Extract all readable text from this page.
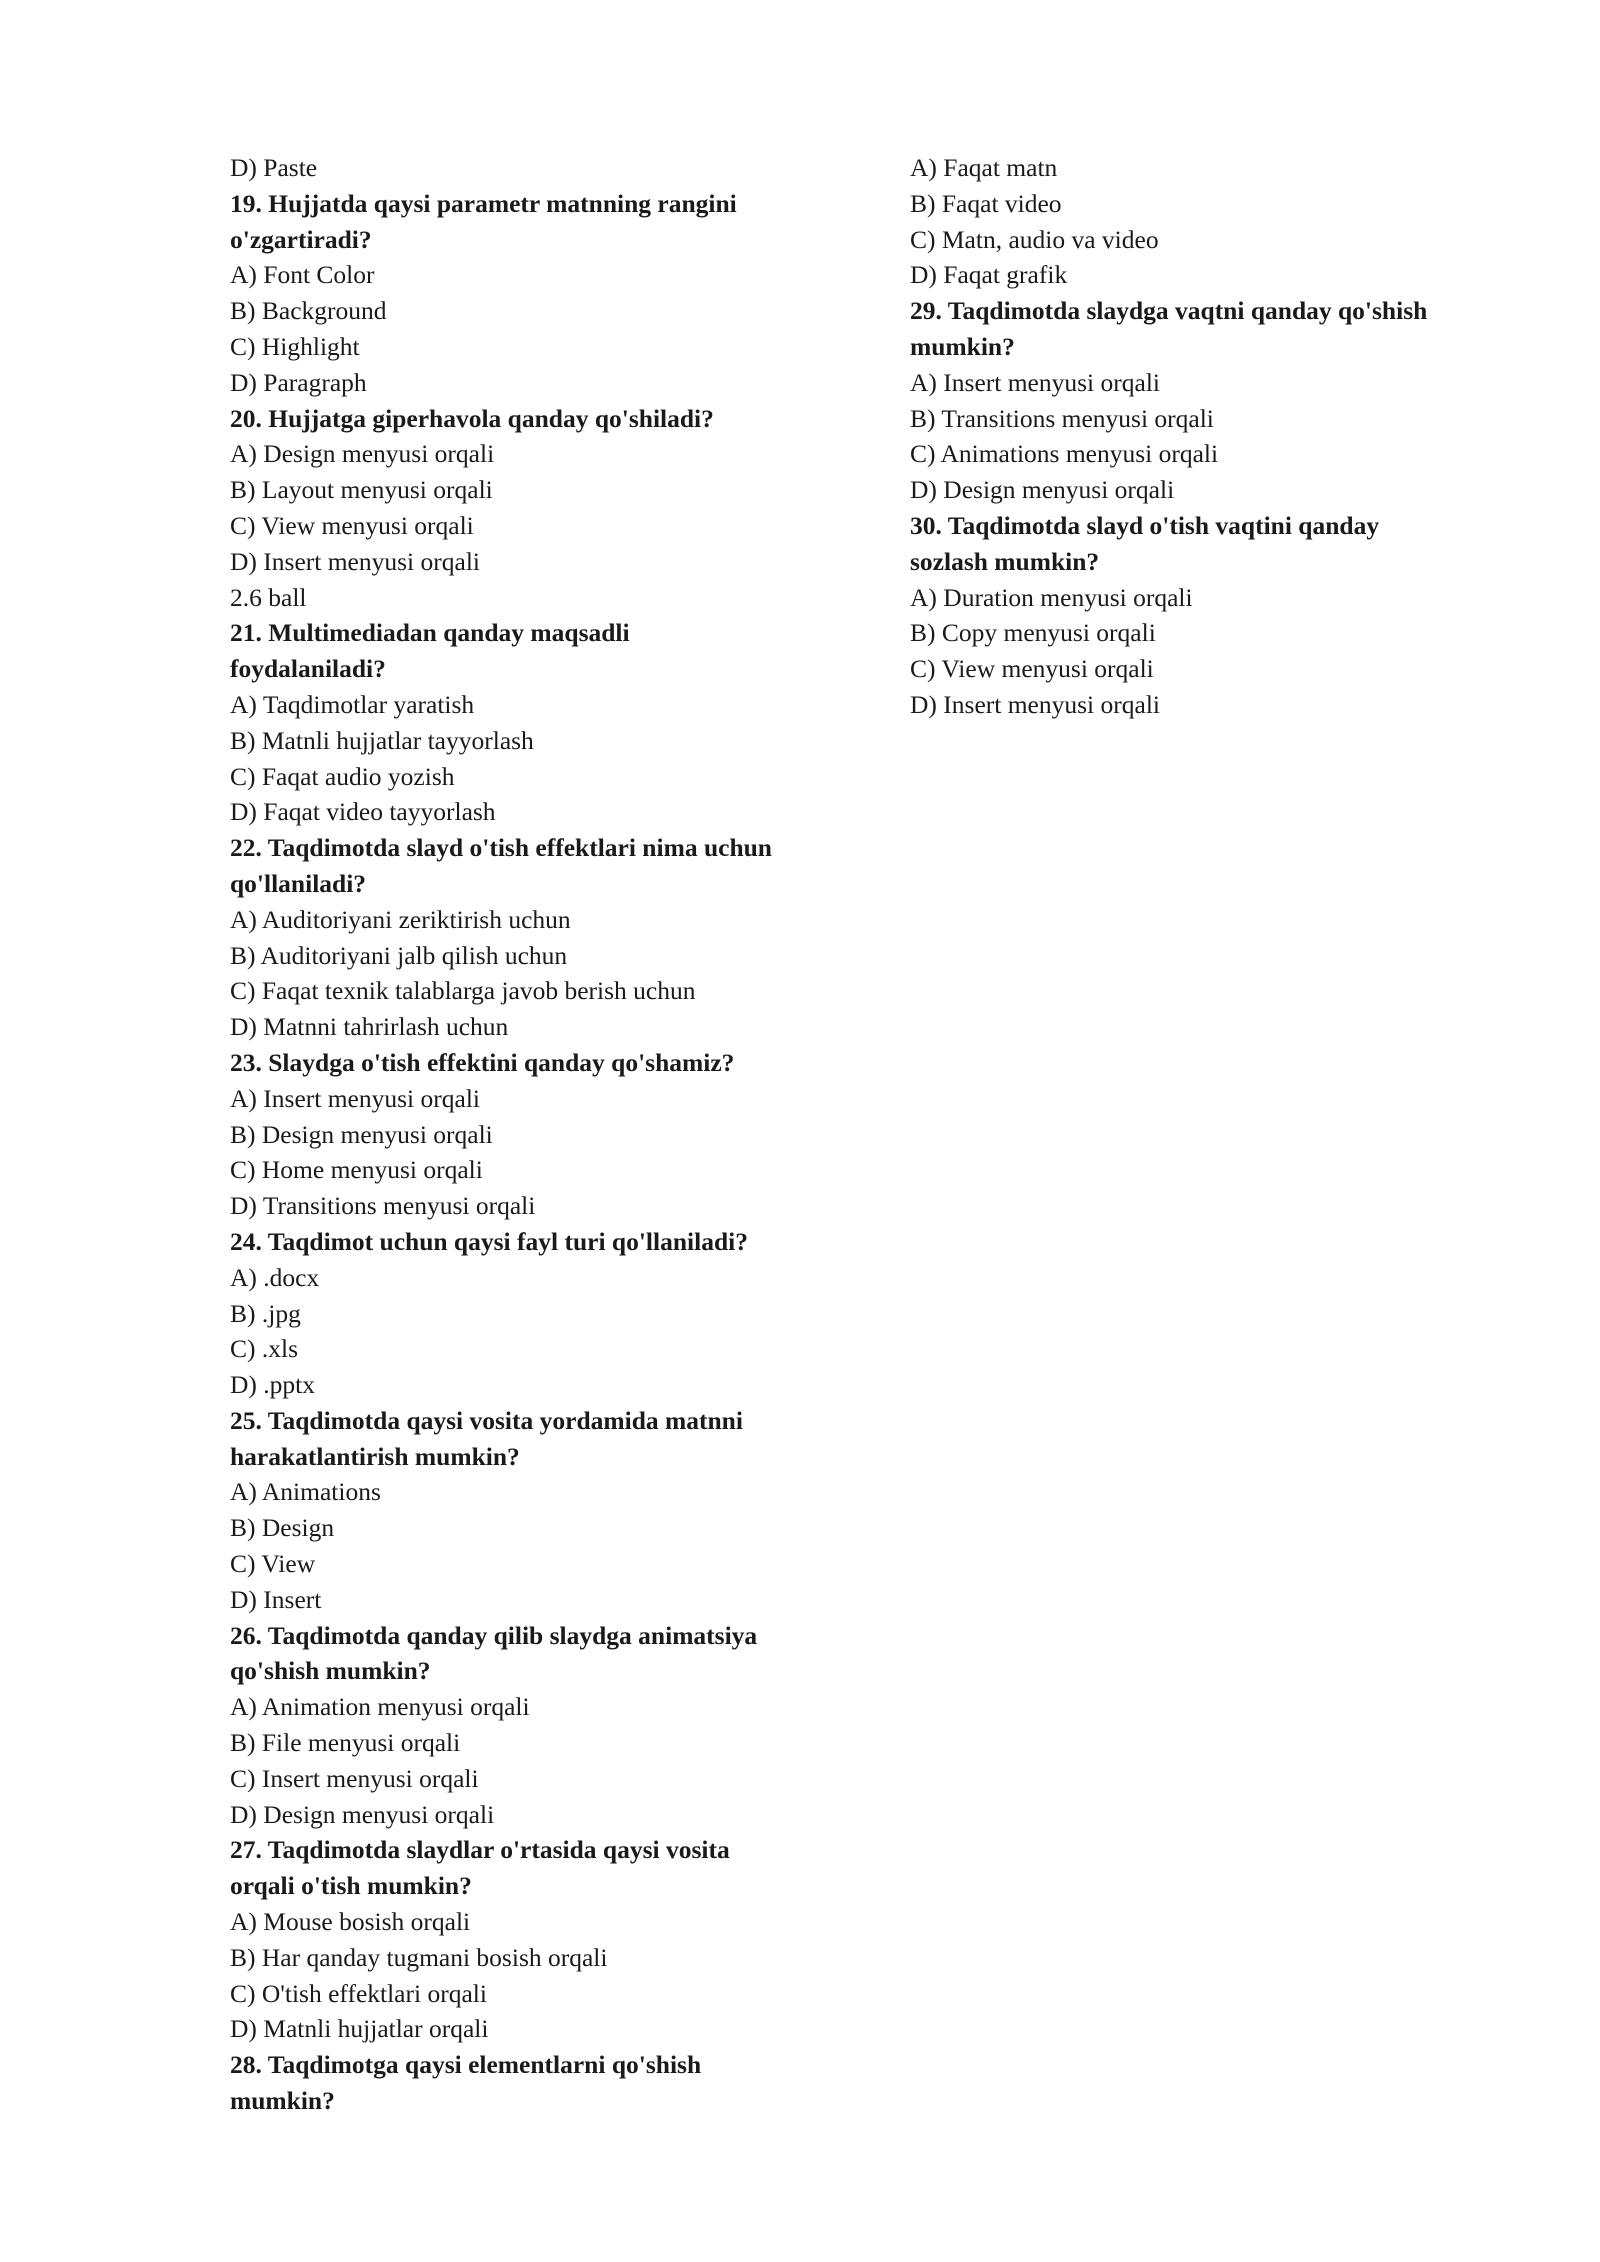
D) Paste
19. Hujjatda qaysi parametr matnning rangini
o'zgartiradi?
A) Font Color
B) Background
C) Highlight
D) Paragraph
20. Hujjatga giperhavola qanday qo'shiladi?
A) Design menyusi orqali
B) Layout menyusi orqali
C) View menyusi orqali
D) Insert menyusi orqali
2.6 ball
21. Multimediadan qanday maqsadli
foydalaniladi?
A) Taqdimotlar yaratish
B) Matnli hujjatlar tayyorlash
C) Faqat audio yozish
D) Faqat video tayyorlash
22. Taqdimotda slayd o'tish effektlari nima uchun
qo'llaniladi?
A) Auditoriyani zeriktirish uchun
B) Auditoriyani jalb qilish uchun
C) Faqat texnik talablarga javob berish uchun
D) Matnni tahrirlash uchun
23. Slaydga o'tish effektini qanday qo'shamiz?
A) Insert menyusi orqali
B) Design menyusi orqali
C) Home menyusi orqali
D) Transitions menyusi orqali
24. Taqdimot uchun qaysi fayl turi qo'llaniladi?
A) .docx
B) .jpg
C) .xls
D) .pptx
25. Taqdimotda qaysi vosita yordamida matnni
harakatlantirish mumkin?
A) Animations
B) Design
C) View
D) Insert
26. Taqdimotda qanday qilib slaydga animatsiya
qo'shish mumkin?
A) Animation menyusi orqali
B) File menyusi orqali
C) Insert menyusi orqali
D) Design menyusi orqali
27. Taqdimotda slaydlar o'rtasida qaysi vosita
orqali o'tish mumkin?
A) Mouse bosish orqali
B) Har qanday tugmani bosish orqali
C) O'tish effektlari orqali
D) Matnli hujjatlar orqali
28. Taqdimotga qaysi elementlarni qo'shish
mumkin?
A) Faqat matn
B) Faqat video
C) Matn, audio va video
D) Faqat grafik
29. Taqdimotda slaydga vaqtni qanday qo'shish
mumkin?
A) Insert menyusi orqali
B) Transitions menyusi orqali
C) Animations menyusi orqali
D) Design menyusi orqali
30. Taqdimotda slayd o'tish vaqtini qanday
sozlash mumkin?
A) Duration menyusi orqali
B) Copy menyusi orqali
C) View menyusi orqali
D) Insert menyusi orqali
